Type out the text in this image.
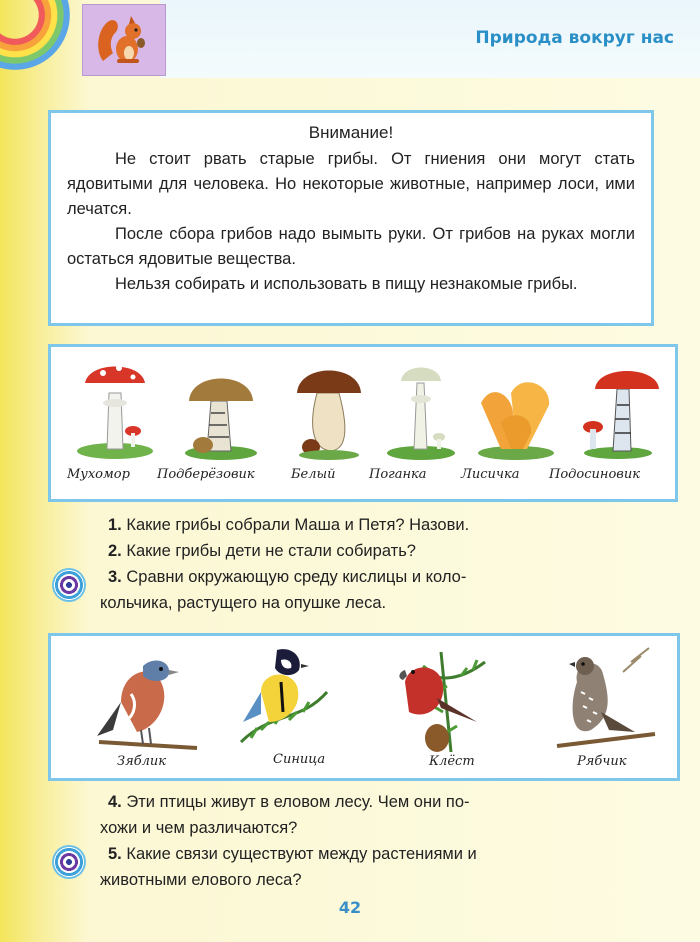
Природа вокруг нас
Внимание!

Не стоит рвать старые грибы. От гниения они могут стать ядовитыми для человека. Но некоторые животные, например лоси, ими лечатся.

После сбора грибов надо вымыть руки. От грибов на руках могли остаться ядовитые вещества.

Нельзя собирать и использовать в пищу незнакомые грибы.

Мухомор Подберёзовик	Белый	Поганка	Лисичка Подосиновик
1. Какие грибы собрали Маша и Петя? Назови.
2. Какие грибы дети не стали собирать?
3. Сравни окружающую среду кислицы и коло-
кольчика, растущего на опушке леса.
Зяблик	Синица	Клёст	Рябчик
4. Эти птицы живут в еловом лесу. Чем они по-
хожи и чем различаются?
5. Какие связи существуют между растениями и
животными елового леса?
42
